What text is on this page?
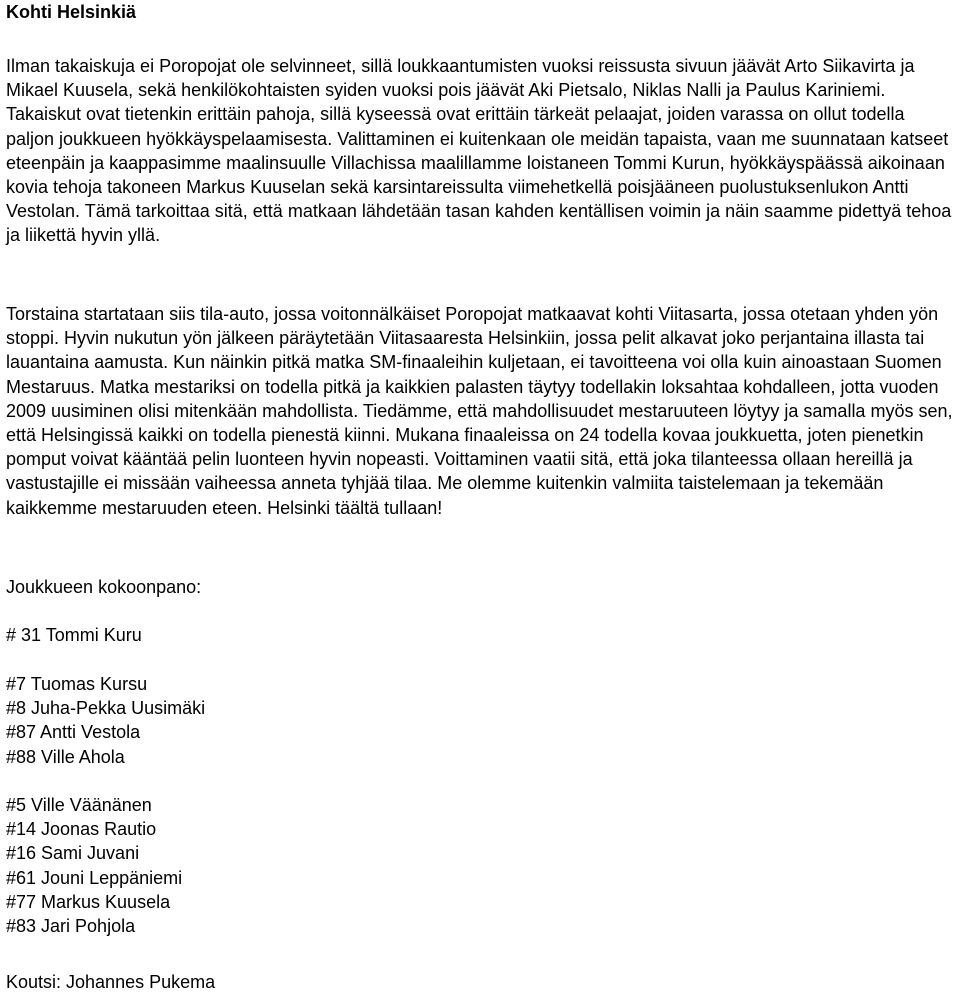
Kohti Helsinkiä

Ilman takaiskuja ei Poropojat ole selvinneet, sillä loukkaantumisten vuoksi reissusta sivuun jäävät Arto Siikavirta ja Mikael Kuusela, sekä henkilökohtaisten syiden vuoksi pois jäävät Aki Pietsalo, Niklas Nalli ja Paulus Kariniemi. Takaiskut ovat tietenkin erittäin pahoja, sillä kyseessä ovat erittäin tärkeät pelaajat, joiden varassa on ollut todella paljon joukkueen hyökkäyspelaamisesta. Valittaminen ei kuitenkaan ole meidän tapaista, vaan me suunnataan katseet eteenpäin ja kaappasimme maalinsuulle Villachissa maalillamme loistaneen Tommi Kurun, hyökkäyspäässä aikoinaan kovia tehoja takoneen Markus Kuuselan sekä karsintareissulta viimehetkellä poisjääneen puolustuksenlukon Antti Vestolan. Tämä tarkoittaa sitä, että matkaan lähdetään tasan kahden kentällisen voimin ja näin saamme pidettyä tehoa ja liikettä hyvin yllä.

Torstaina startataan siis tila-auto, jossa voitonnälkäiset Poropojat matkaavat kohti Viitasarta, jossa otetaan yhden yön stoppi. Hyvin nukutun yön jälkeen päräytetään Viitasaaresta Helsinkiin, jossa pelit alkavat joko perjantaina illasta tai lauantaina aamusta. Kun näinkin pitkä matka SM-finaaleihin kuljetaan, ei tavoitteena voi olla kuin ainoastaan Suomen Mestaruus. Matka mestariksi on todella pitkä ja kaikkien palasten täytyy todellakin loksahtaa kohdalleen, jotta vuoden 2009 uusiminen olisi mitenkään mahdollista. Tiedämme, että mahdollisuudet mestaruuteen löytyy ja samalla myös sen, että Helsingissä kaikki on todella pienestä kiinni. Mukana finaaleissa on 24 todella kovaa joukkuetta, joten pienetkin pomput voivat kääntää pelin luonteen hyvin nopeasti. Voittaminen vaatii sitä, että joka tilanteessa ollaan hereillä ja vastustajille ei missään vaiheessa anneta tyhjää tilaa. Me olemme kuitenkin valmiita taistelemaan ja tekemään kaikkemme mestaruuden eteen. Helsinki täältä tullaan!

Joukkueen kokoonpano:

# 31 Tommi Kuru
#7 Tuomas Kursu
#8 Juha-Pekka Uusimäki
#87 Antti Vestola
#88 Ville Ahola
#5 Ville Väänänen
#14 Joonas Rautio
#16 Sami Juvani
#61 Jouni Leppäniemi
#77 Markus Kuusela
#83 Jari Pohjola

Koutsi: Johannes Pukema
